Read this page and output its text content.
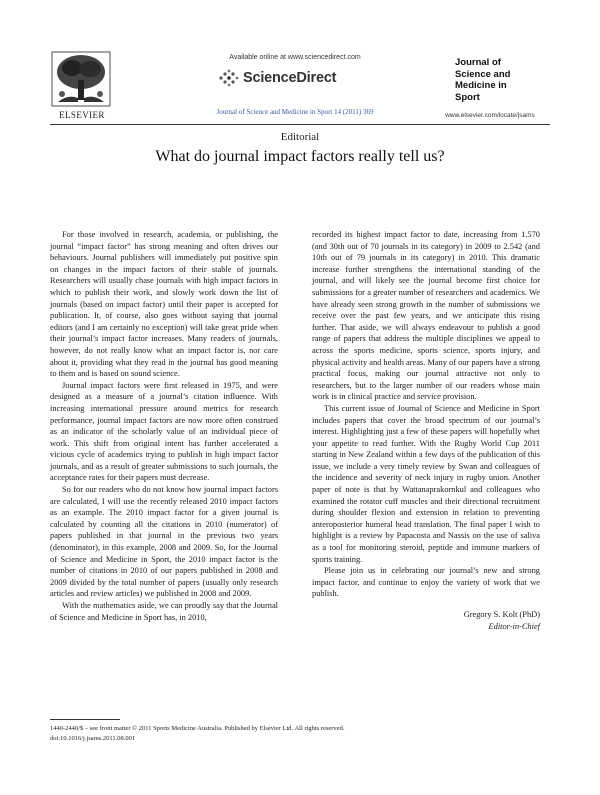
ELSEVIER
Available online at www.sciencedirect.com
ScienceDirect
Journal of Science and Medicine in Sport 14 (2011) 369
Journal of
Science and
Medicine in
Sport
www.elsevier.com/locate/jsams
Editorial
What do journal impact factors really tell us?

For those involved in research, academia, or publishing, the journal “impact factor” has strong meaning and often drives our behaviours. Journal publishers will immediately put positive spin on changes in the impact factors of their stable of journals. Researchers will usually chase journals with high impact factors in which to publish their work, and slowly work down the list of journals (based on impact factor) until their paper is accepted for publication. It, of course, also goes without saying that journal editors (and I am certainly no exception) will take great pride when their journal’s impact factor increases. Many readers of journals, however, do not really know what an impact factor is, nor care about it, providing what they read in the journal has good meaning to them and is based on sound science.

Journal impact factors were first released in 1975, and were designed as a measure of a journal’s citation influence. With increasing international pressure around metrics for research performance, journal impact factors are now more often construed as an indicator of the scholarly value of an individual piece of work. This shift from original intent has further accelerated a vicious cycle of academics trying to publish in high impact factor journals, and as a result of greater submissions to such journals, the acceptance rates for their papers must decrease.

So for our readers who do not know how journal impact factors are calculated, I will use the recently released 2010 impact factors as an example. The 2010 impact factor for a given journal is calculated by counting all the citations in 2010 (numerator) of papers published in that journal in the previous two years (denominator), in this example, 2008 and 2009. So, for the Journal of Science and Medicine in Sport, the 2010 impact factor is the number of citations in 2010 of our papers published in 2008 and 2009 divided by the total number of papers (usually only research articles and review articles) we published in 2008 and 2009.

With the mathematics aside, we can proudly say that the Journal of Science and Medicine in Sport has, in 2010,

recorded its highest impact factor to date, increasing from 1.570 (and 30th out of 70 journals in its category) in 2009 to 2.542 (and 10th out of 79 journals in its category) in 2010. This dramatic increase further strengthens the international standing of the journal, and will likely see the journal become first choice for submissions for a greater number of researchers and academics. We have already seen strong growth in the number of submissions we receive over the past few years, and we anticipate this rising further. That aside, we will always endeavour to publish a good range of papers that address the multiple disciplines we appeal to across the sports medicine, sports science, sports injury, and physical activity and health areas. Many of our papers have a strong practical focus, making our journal attractive not only to researchers, but to the larger number of our readers whose main work is in clinical practice and service provision.

This current issue of Journal of Science and Medicine in Sport includes papers that cover the broad spectrum of our journal’s interest. Highlighting just a few of these papers will hopefully whet your appetite to read further. With the Rugby World Cup 2011 starting in New Zealand within a few days of the publication of this issue, we include a very timely review by Swan and colleagues of the incidence and severity of neck injury in rugby union. Another paper of note is that by Wattanaprakornkul and colleagues who examined the rotator cuff muscles and their directional recruitment during shoulder flexion and extension in relation to preventing anteroposterior humeral head translation. The final paper I wish to highlight is a review by Papacosta and Nassis on the use of saliva as a tool for monitoring steroid, peptide and immune markers of sports training.

Please join us in celebrating our journal’s new and strong impact factor, and continue to enjoy the variety of work that we publish.

Gregory S. Kolt (PhD)
Editor-in-Chief
1440-2440/$ – see front matter © 2011 Sports Medicine Australia. Published by Elsevier Ltd. All rights reserved.
doi:10.1016/j.jsams.2011.08.001
